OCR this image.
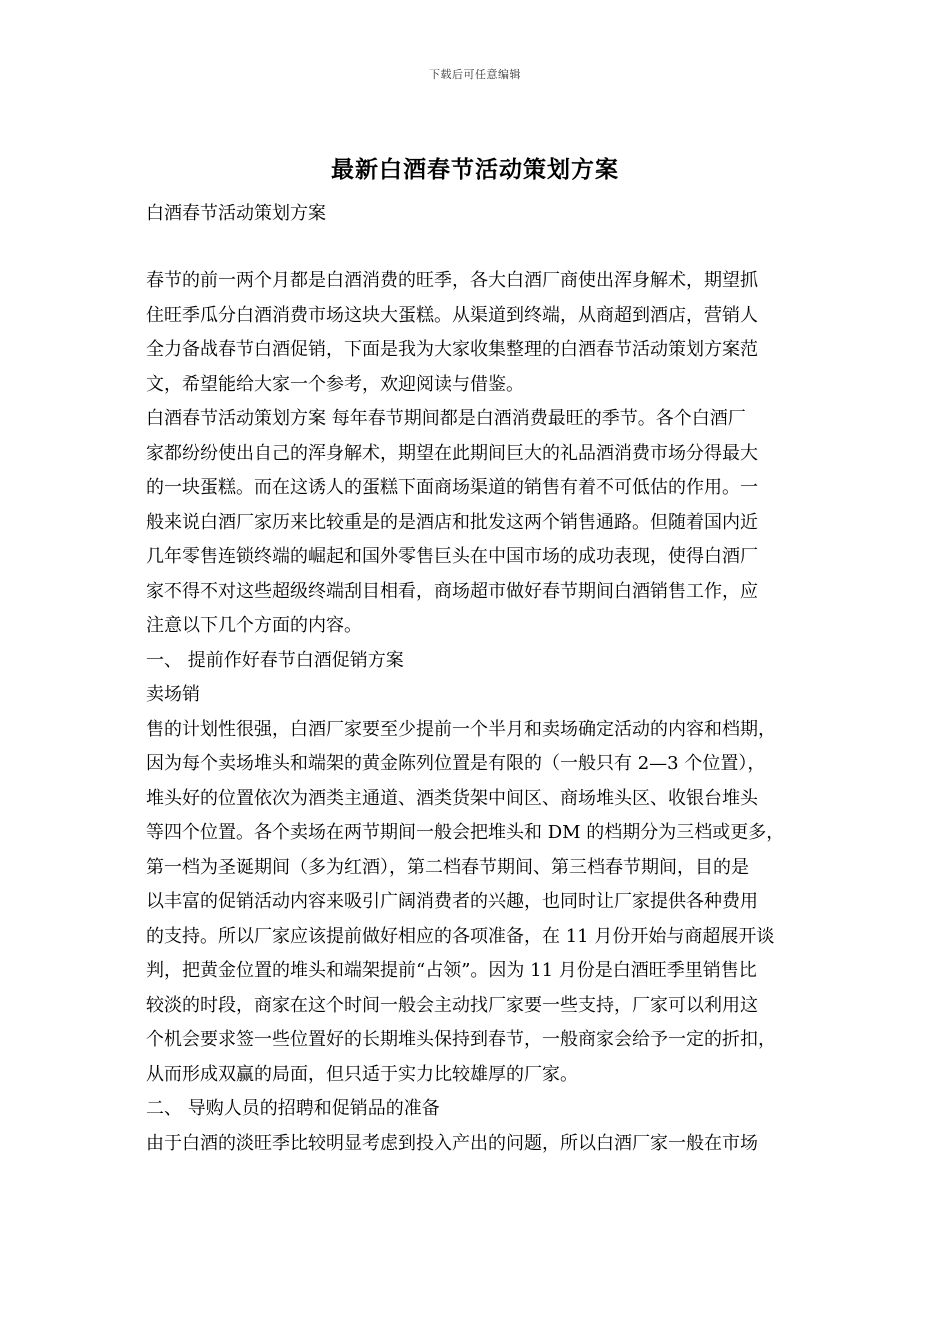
下载后可任意编辑
最新白酒春节活动策划方案
白酒春节活动策划方案
春节的前一两个月都是白酒消费的旺季，各大白酒厂商使出浑身解术，期望抓
住旺季瓜分白酒消费市场这块大蛋糕。从渠道到终端，从商超到酒店，营销人
全力备战春节白酒促销，下面是我为大家收集整理的白酒春节活动策划方案范
文，希望能给大家一个参考，欢迎阅读与借鉴。
白酒春节活动策划方案 每年春节期间都是白酒消费最旺的季节。各个白酒厂
家都纷纷使出自己的浑身解术，期望在此期间巨大的礼品酒消费市场分得最大
的一块蛋糕。而在这诱人的蛋糕下面商场渠道的销售有着不可低估的作用。一
般来说白酒厂家历来比较重是的是酒店和批发这两个销售通路。但随着国内近
几年零售连锁终端的崛起和国外零售巨头在中国市场的成功表现，使得白酒厂
家不得不对这些超级终端刮目相看，商场超市做好春节期间白酒销售工作，应
注意以下几个方面的内容。
一、 提前作好春节白酒促销方案
卖场销
售的计划性很强，白酒厂家要至少提前一个半月和卖场确定活动的内容和档期，
因为每个卖场堆头和端架的黄金陈列位置是有限的（一般只有 2—3 个位置），
堆头好的位置依次为酒类主通道、酒类货架中间区、商场堆头区、收银台堆头
等四个位置。各个卖场在两节期间一般会把堆头和 DM 的档期分为三档或更多，
第一档为圣诞期间（多为红酒），第二档春节期间、第三档春节期间，目的是
以丰富的促销活动内容来吸引广阔消费者的兴趣，也同时让厂家提供各种费用
的支持。所以厂家应该提前做好相应的各项准备，在 11 月份开始与商超展开谈
判，把黄金位置的堆头和端架提前“占领”。因为 11 月份是白酒旺季里销售比
较淡的时段，商家在这个时间一般会主动找厂家要一些支持，厂家可以利用这
个机会要求签一些位置好的长期堆头保持到春节，一般商家会给予一定的折扣，
从而形成双赢的局面，但只适于实力比较雄厚的厂家。
二、 导购人员的招聘和促销品的准备
由于白酒的淡旺季比较明显考虑到投入产出的问题，所以白酒厂家一般在市场
